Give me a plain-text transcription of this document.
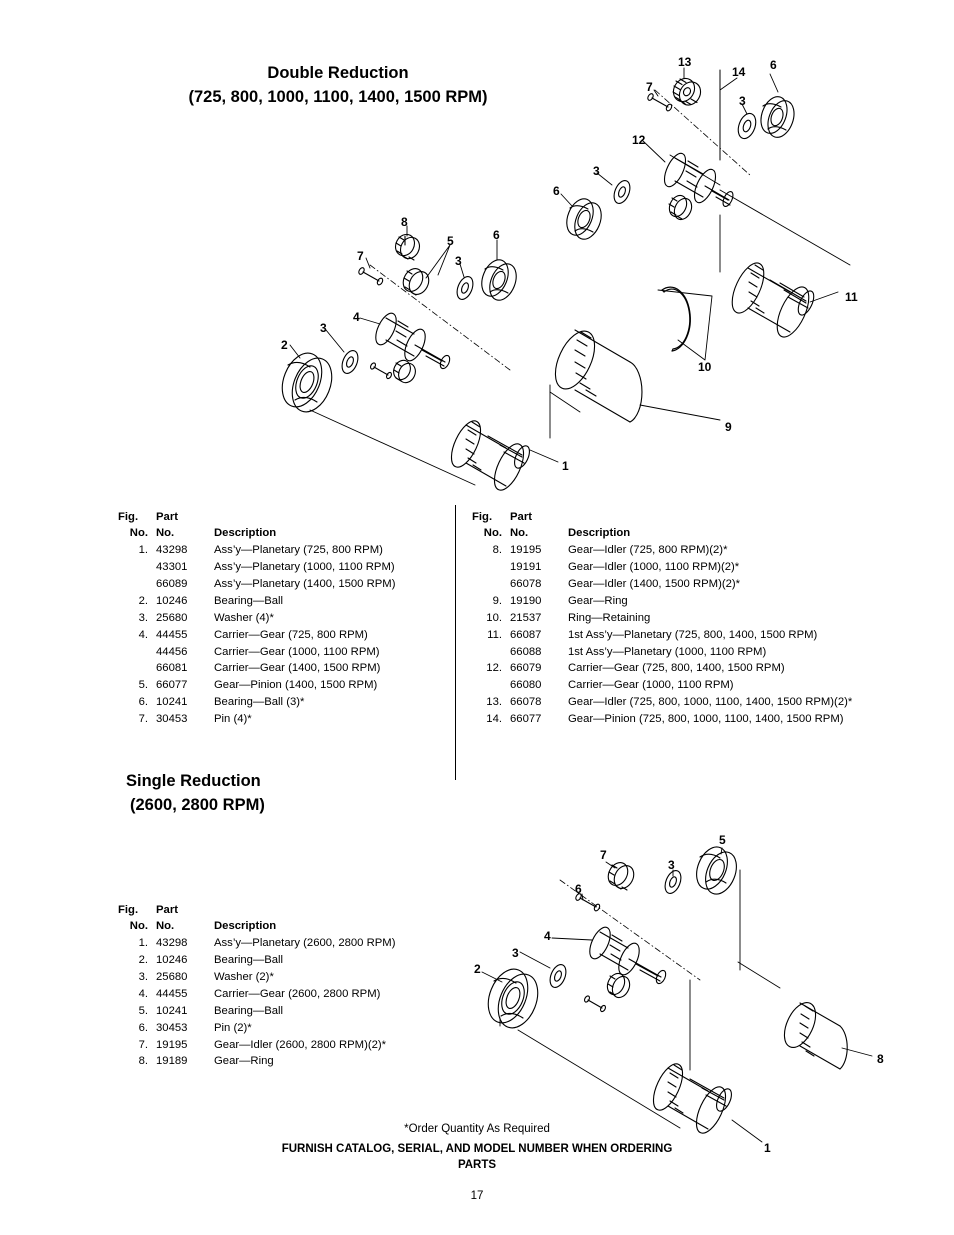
Double Reduction
(725, 800, 1000, 1100, 1400, 1500 RPM)
13
14 6
7
3
12
3
6
11
8
5	6
7	3
4
3
2
10
9
1
Fig. Part
No.	No.	Description
1.	43298	Ass’y—Planetary (725, 800 RPM)
	43301	Ass’y—Planetary (1000, 1100 RPM)
	66089	Ass’y—Planetary (1400, 1500 RPM)
2.	10246	Bearing—Ball
3.	25680	Washer (4)*
4.	44455	Carrier—Gear (725, 800 RPM)
	44456	Carrier—Gear (1000, 1100 RPM)
	66081	Carrier—Gear (1400, 1500 RPM)
5.	66077	Gear—Pinion (1400, 1500 RPM)
6.	10241	Bearing—Ball (3)*
7.	30453	Pin (4)*
Fig. Part
No.	No.	Description
8.	19195	Gear—Idler (725, 800 RPM)(2)*
	19191	Gear—Idler (1000, 1100 RPM)(2)*
	66078	Gear—Idler (1400, 1500 RPM)(2)*
9.	19190	Gear—Ring
10.	21537	Ring—Retaining
11.	66087	1st Ass’y—Planetary (725, 800, 1400, 1500 RPM)
	66088	1st Ass’y—Planetary (1000, 1100 RPM)
12.	66079	Carrier—Gear (725, 800, 1400, 1500 RPM)
	66080	Carrier—Gear (1000, 1100 RPM)
13.	66078	Gear—Idler (725, 800, 1000, 1100, 1400, 1500 RPM)(2)*
14.	66077	Gear—Pinion (725, 800, 1000, 1100, 1400, 1500 RPM)
Single Reduction
(2600, 2800 RPM)
Fig. Part
No.	No.	Description
1.	43298	Ass’y—Planetary (2600, 2800 RPM)
2.	10246	Bearing—Ball
3.	25680	Washer (2)*
4.	44455	Carrier—Gear (2600, 2800 RPM)
5.	10241	Bearing—Ball
6.	30453	Pin (2)*
7.	19195	Gear—Idler (2600, 2800 RPM)(2)*
8.	19189	Gear—Ring
5
7
3
6
4
3
2
8
1
*Order Quantity As Required
FURNISH CATALOG, SERIAL, AND MODEL NUMBER WHEN ORDERING
PARTS
17
